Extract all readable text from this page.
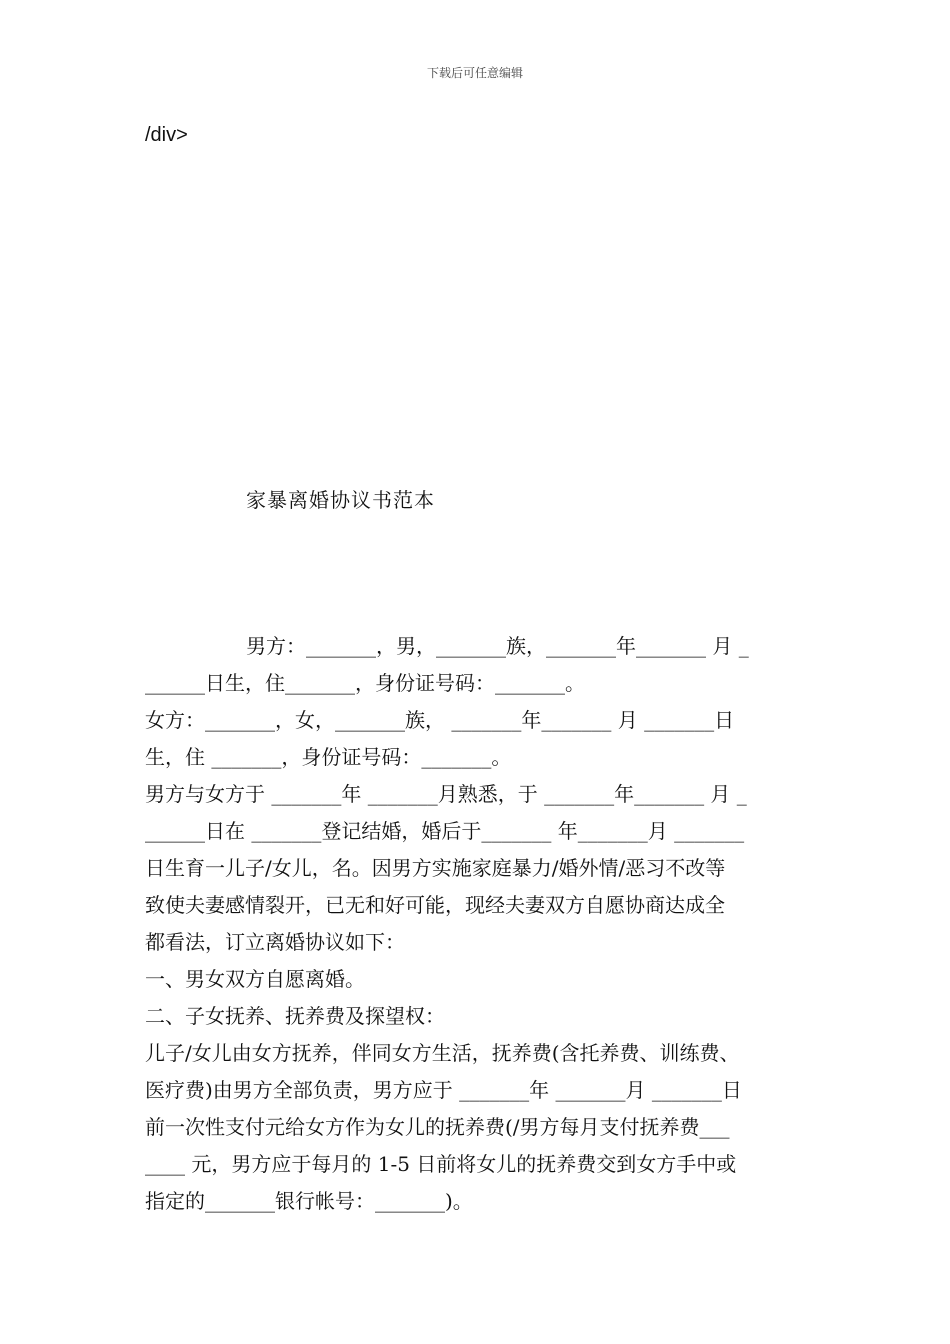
下载后可任意编辑
/div>
家暴离婚协议书范本
男方：_______，男，_______族，_______年_______ 月 _
______日生，住_______，身份证号码：_______。
女方：_______，女，_______族， _______年_______ 月 _______日
生，住 _______，身份证号码：_______。
男方与女方于 _______年 _______月熟悉，于 _______年_______ 月 _
______日在 _______登记结婚，婚后于_______ 年_______月 _______
日生育一儿子/女儿，名。因男方实施家庭暴力/婚外情/恶习不改等
致使夫妻感情裂开，已无和好可能，现经夫妻双方自愿协商达成全
都看法，订立离婚协议如下：
一、男女双方自愿离婚。
二、子女抚养、抚养费及探望权：
儿子/女儿由女方抚养，伴同女方生活，抚养费(含托养费、训练费、
医疗费)由男方全部负责，男方应于 _______年 _______月 _______日
前一次性支付元给女方作为女儿的抚养费(/男方每月支付抚养费___
____ 元，男方应于每月的 1-5 日前将女儿的抚养费交到女方手中或
指定的_______银行帐号：_______)。
